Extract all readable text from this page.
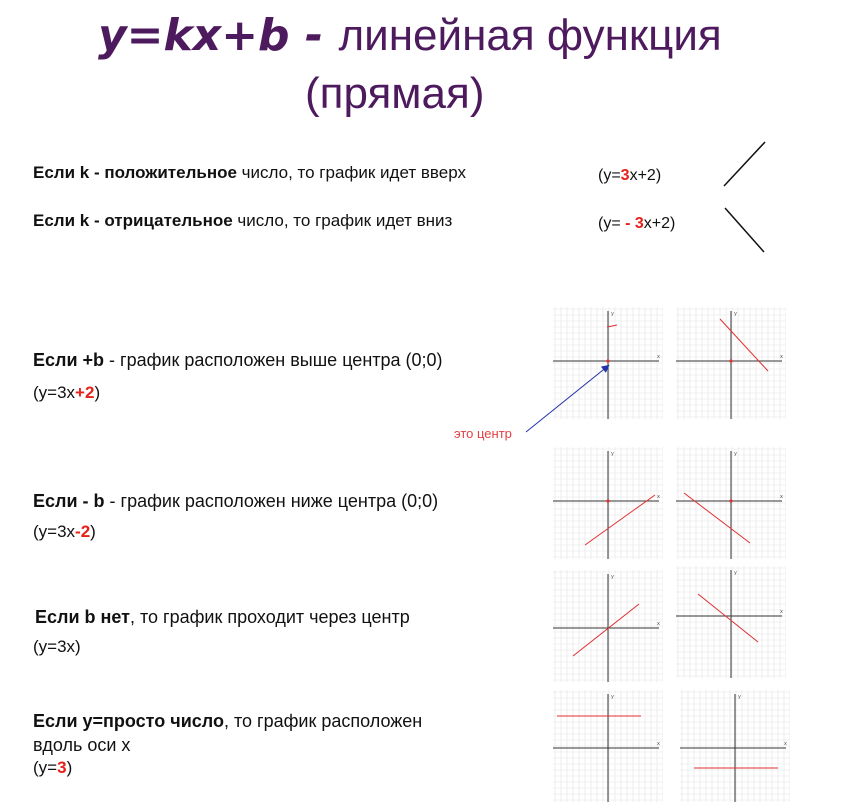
y=kx+b - линейная функция
(прямая)
Если k - положительное число, то график идет вверх	(y=3x+2)
Если k - отрицательное число, то график идет вниз	(y= - 3x+2)
Если +b - график расположен выше центра (0;0)
(y=3x+2)
Если - b - график расположен ниже центра (0;0)
(y=3x-2)
Если b нет, то график проходит через центр
(y=3x)
Если y=просто число, то график расположен
вдоль оси x
(y=3)
x
y
x
y
x
y
x
y
x
y
x
y
x
y
x
y
это центр
